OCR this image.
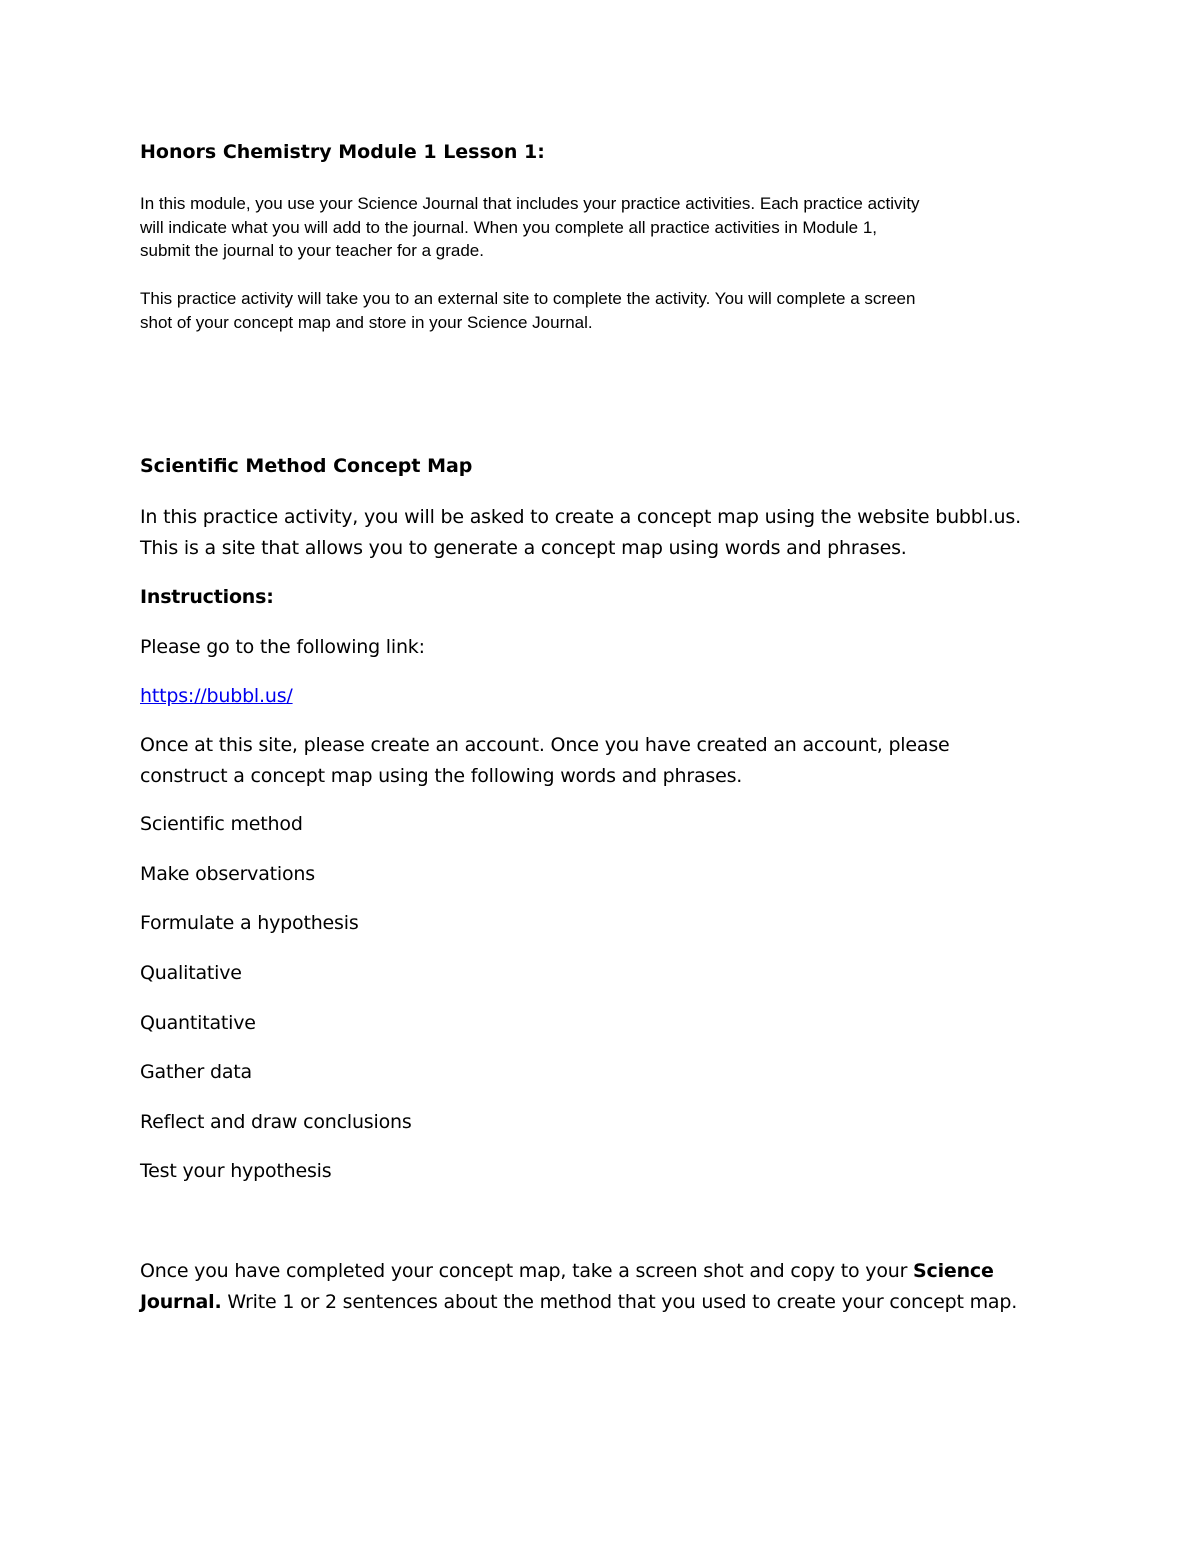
Honors Chemistry Module 1 Lesson 1:
In this module, you use your Science Journal that includes your practice activities. Each practice activity
will indicate what you will add to the journal. When you complete all practice activities in Module 1,
submit the journal to your teacher for a grade.
This practice activity will take you to an external site to complete the activity. You will complete a screen
shot of your concept map and store in your Science Journal.
Scientific Method Concept Map
In this practice activity, you will be asked to create a concept map using the website bubbl.us.
This is a site that allows you to generate a concept map using words and phrases.
Instructions:
Please go to the following link:
https://bubbl.us/
Once at this site, please create an account. Once you have created an account, please
construct a concept map using the following words and phrases.
Scientific method
Make observations
Formulate a hypothesis
Qualitative
Quantitative
Gather data
Reflect and draw conclusions
Test your hypothesis
Once you have completed your concept map, take a screen shot and copy to your Science
Journal. Write 1 or 2 sentences about the method that you used to create your concept map.
